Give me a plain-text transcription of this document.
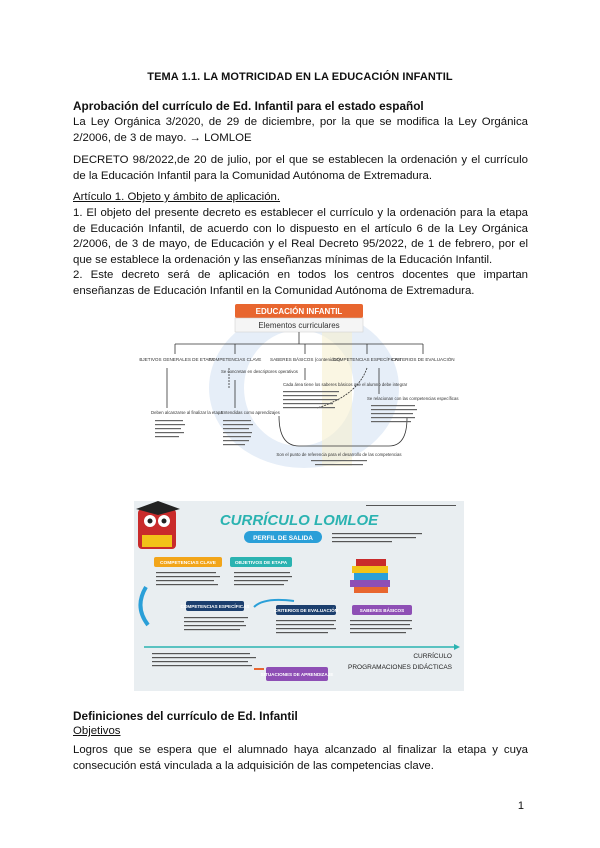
TEMA 1.1. LA MOTRICIDAD EN LA EDUCACIÓN INFANTIL
Aprobación del currículo de Ed. Infantil para el estado español
La Ley Orgánica 3/2020, de 29 de diciembre, por la que se modifica la Ley Orgánica 2/2006, de 3 de mayo. → LOMLOE
DECRETO 98/2022,de 20 de julio, por el que se establecen la ordenación y el currículo de la Educación Infantil para la Comunidad Autónoma de Extremadura.
Artículo 1. Objeto y ámbito de aplicación.
1. El objeto del presente decreto es establecer el currículo y la ordenación para la etapa de Educación Infantil, de acuerdo con lo dispuesto en el artículo 6 de la Ley Orgánica 2/2006, de 3 de mayo, de Educación y el Real Decreto 95/2022, de 1 de febrero, por el que se establece la ordenación y las enseñanzas mínimas de la Educación Infantil.
2. Este decreto será de aplicación en todos los centros docentes que impartan enseñanzas de Educación Infantil en la Comunidad Autónoma de Extremadura.
EDUCACIÓN INFANTIL
Elementos curriculares
OBJETIVOS GENERALES DE ETAPA
COMPETENCIAS CLAVE SABERES BÁSICOS (contenidos)
COMPETENCIAS ESPECÍFICAS
CRITERIOS DE EVALUACIÓN
Se concretan en descriptores operativos
Deben alcanzarse al finalizar la etapa
Entendidas como aprendizajes
Cada área tiene los saberes básicos que el alumno debe integrar
Se relacionan con las competencias específicas
Son el punto de referencia para el desarrollo de las competencias
CURRÍCULO LOMLOE
PERFIL DE SALIDA
COMPETENCIAS CLAVE	OBJETIVOS DE ETAPA
COMPETENCIAS ESPECÍFICAS
CRITERIOS DE EVALUACIÓN	SABERES BÁSICOS
CURRÍCULO
PROGRAMACIONES DIDÁCTICAS
SITUACIONES DE APRENDIZAJE
Definiciones del currículo de Ed. Infantil
Objetivos
Logros que se espera que el alumnado haya alcanzado al finalizar la etapa y cuya consecución está vinculada a la adquisición de las competencias clave.
1
